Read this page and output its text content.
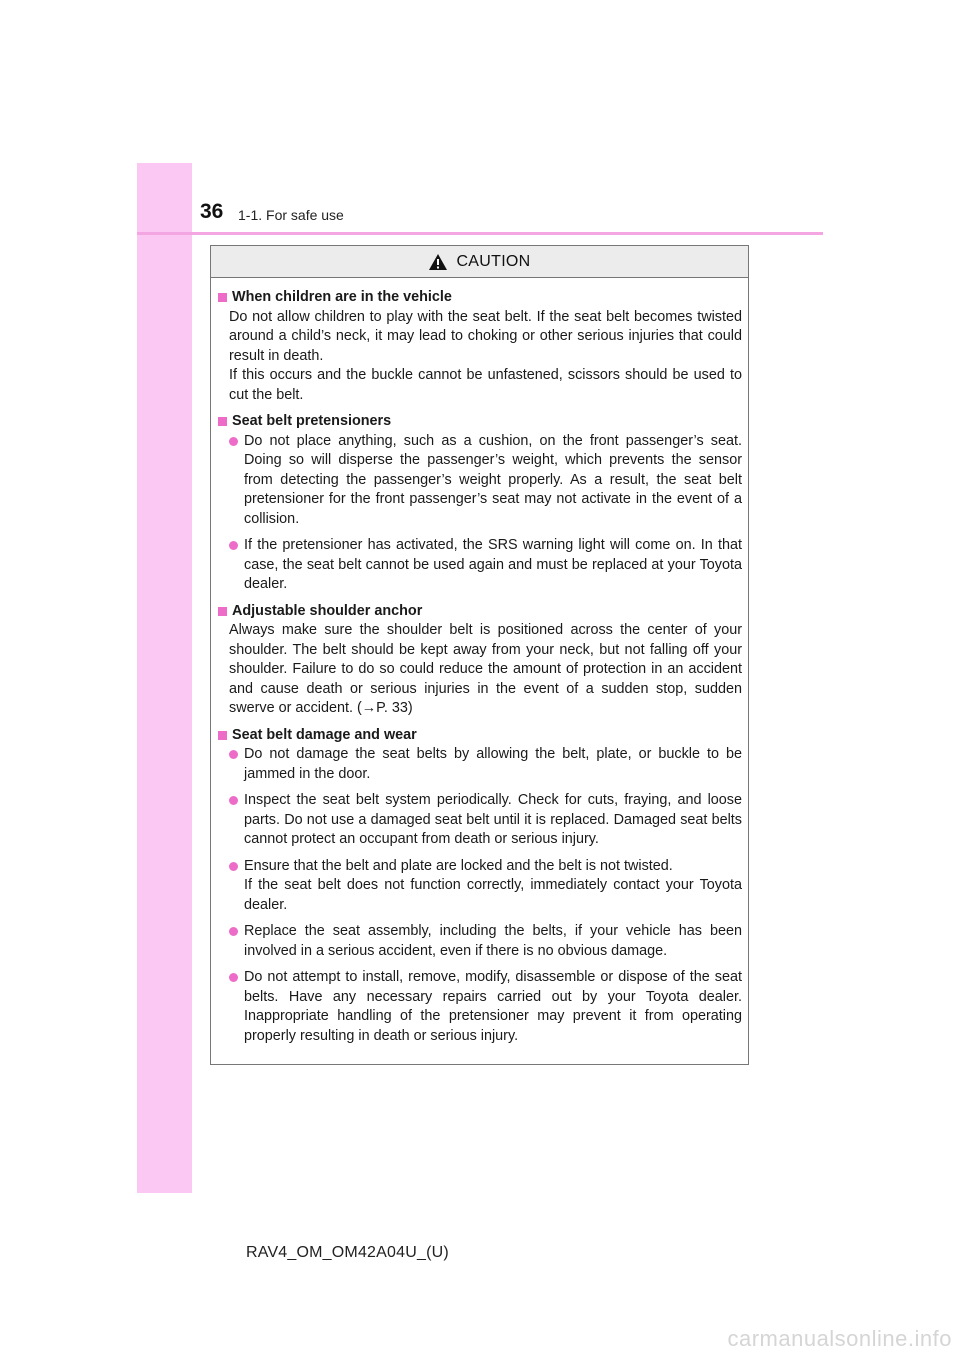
36 1-1. For safe use
CAUTION
When children are in the vehicle
Do not allow children to play with the seat belt. If the seat belt becomes twisted around a child’s neck, it may lead to choking or other serious injuries that could result in death.
If this occurs and the buckle cannot be unfastened, scissors should be used to cut the belt.
Seat belt pretensioners
Do not place anything, such as a cushion, on the front passenger’s seat. Doing so will disperse the passenger’s weight, which prevents the sensor from detecting the passenger’s weight properly. As a result, the seat belt pretensioner for the front passenger’s seat may not activate in the event of a collision.
If the pretensioner has activated, the SRS warning light will come on. In that case, the seat belt cannot be used again and must be replaced at your Toyota dealer.
Adjustable shoulder anchor
Always make sure the shoulder belt is positioned across the center of your shoulder. The belt should be kept away from your neck, but not falling off your shoulder. Failure to do so could reduce the amount of protection in an accident and cause death or serious injuries in the event of a sudden stop, sudden swerve or accident. (→P. 33)
Seat belt damage and wear
Do not damage the seat belts by allowing the belt, plate, or buckle to be jammed in the door.
Inspect the seat belt system periodically. Check for cuts, fraying, and loose parts. Do not use a damaged seat belt until it is replaced. Damaged seat belts cannot protect an occupant from death or serious injury.
Ensure that the belt and plate are locked and the belt is not twisted.
If the seat belt does not function correctly, immediately contact your Toyota dealer.
Replace the seat assembly, including the belts, if your vehicle has been involved in a serious accident, even if there is no obvious damage.
Do not attempt to install, remove, modify, disassemble or dispose of the seat belts. Have any necessary repairs carried out by your Toyota dealer. Inappropriate handling of the pretensioner may prevent it from operating properly resulting in death or serious injury.
RAV4_OM_OM42A04U_(U)
carmanualsonline.info
